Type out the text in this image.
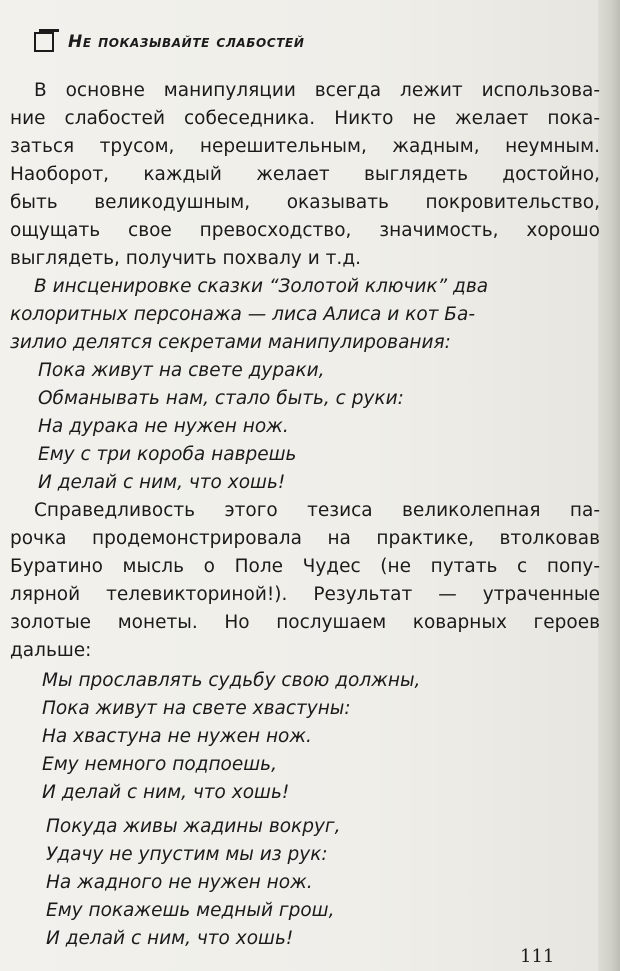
Не показывайте слабостей
В основне манипуляции всегда лежит использова-
ние слабостей собеседника. Никто не желает пока-
заться трусом, нерешительным, жадным, неумным.
Наоборот, каждый желает выглядеть достойно,
быть великодушным, оказывать покровительство,
ощущать свое превосходство, значимость, хорошо
выглядеть, получить похвалу и т.д.
В инсценировке сказки “Золотой ключик” два
колоритных персонажа — лиса Алиса и кот Ба-
зилио делятся секретами манипулирования:
Пока живут на свете дураки,
Обманывать нам, стало быть, с руки:
На дурака не нужен нож.
Ему с три короба наврешь
И делай с ним, что хошь!
Справедливость этого тезиса великолепная па-
рочка продемонстрировала на практике, втолковав
Буратино мысль о Поле Чудес (не путать с попу-
лярной телевикториной!). Результат — утраченные
золотые монеты. Но послушаем коварных героев
дальше:
Мы прославлять судьбу свою должны,
Пока живут на свете хвастуны:
На хвастуна не нужен нож.
Ему немного подпоешь,
И делай с ним, что хошь!
Покуда живы жадины вокруг,
Удачу не упустим мы из рук:
На жадного не нужен нож.
Ему покажешь медный грош,
И делай с ним, что хошь!
111
